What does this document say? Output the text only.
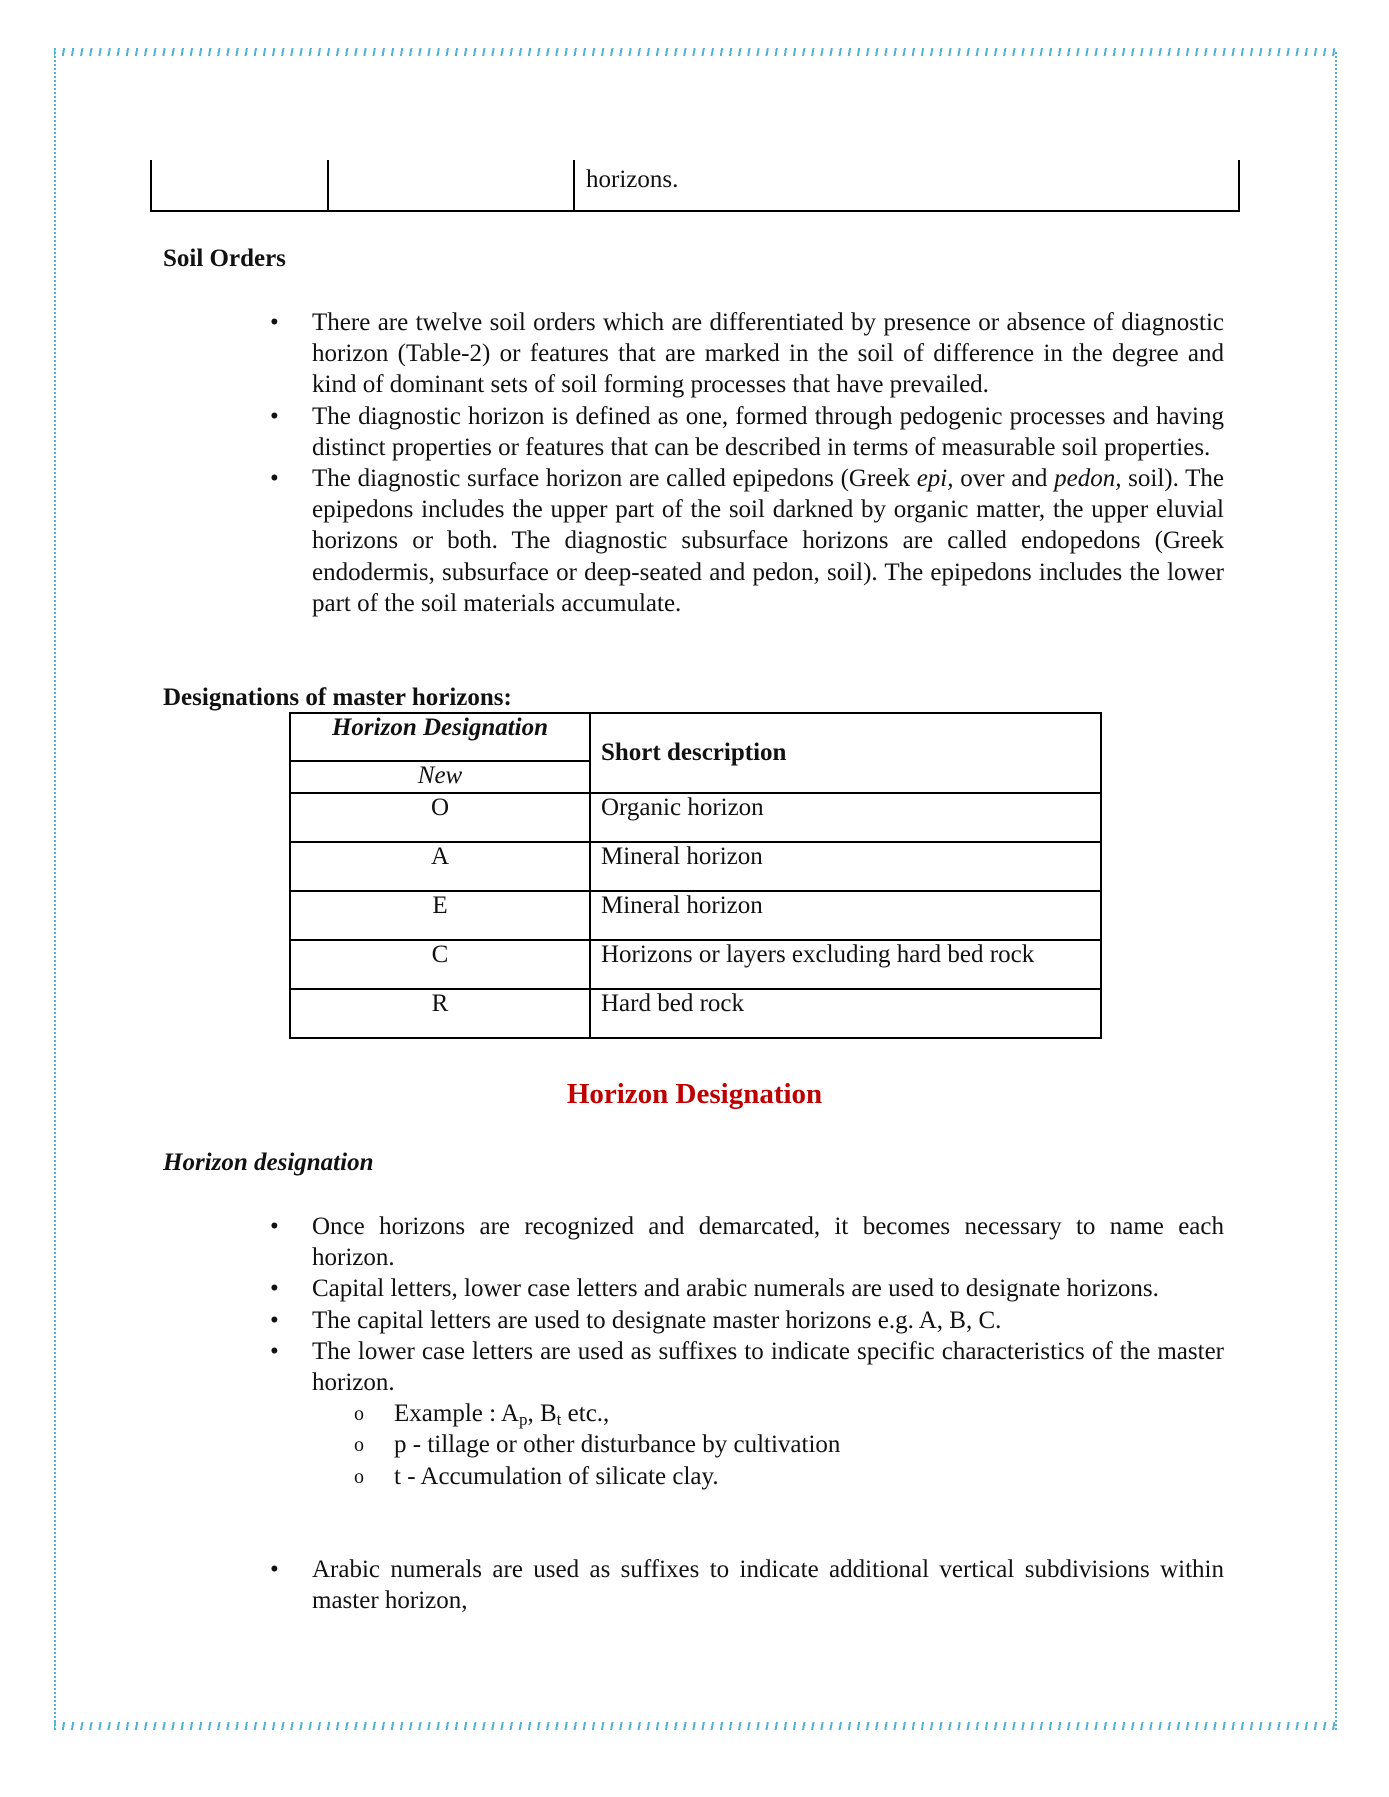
horizons.
Soil Orders
• There are twelve soil orders which are differentiated by presence or absence of diagnostic horizon (Table-2) or features that are marked in the soil of difference in the degree and kind of dominant sets of soil forming processes that have prevailed.
• The diagnostic horizon is defined as one, formed through pedogenic processes and having distinct properties or features that can be described in terms of measurable soil properties.
• The diagnostic surface horizon are called epipedons (Greek epi, over and pedon, soil). The epipedons includes the upper part of the soil darkned by organic matter, the upper eluvial horizons or both. The diagnostic subsurface horizons are called endopedons (Greek endodermis, subsurface or deep-seated and pedon, soil). The epipedons includes the lower part of the soil materials accumulate.
Designations of master horizons:
Horizon Designation	Short description
New	
O	Organic horizon
A	Mineral horizon
E	Mineral horizon
C	Horizons or layers excluding hard bed rock
R	Hard bed rock
Horizon Designation
Horizon designation
• Once horizons are recognized and demarcated, it becomes necessary to name each horizon.
• Capital letters, lower case letters and arabic numerals are used to designate horizons.
• The capital letters are used to designate master horizons e.g. A, B, C.
• The lower case letters are used as suffixes to indicate specific characteristics of the master horizon.
o Example : $A_p$, $B_t$ etc.,
o p - tillage or other disturbance by cultivation
o t - Accumulation of silicate clay.
• Arabic numerals are used as suffixes to indicate additional vertical subdivisions within master horizon,
